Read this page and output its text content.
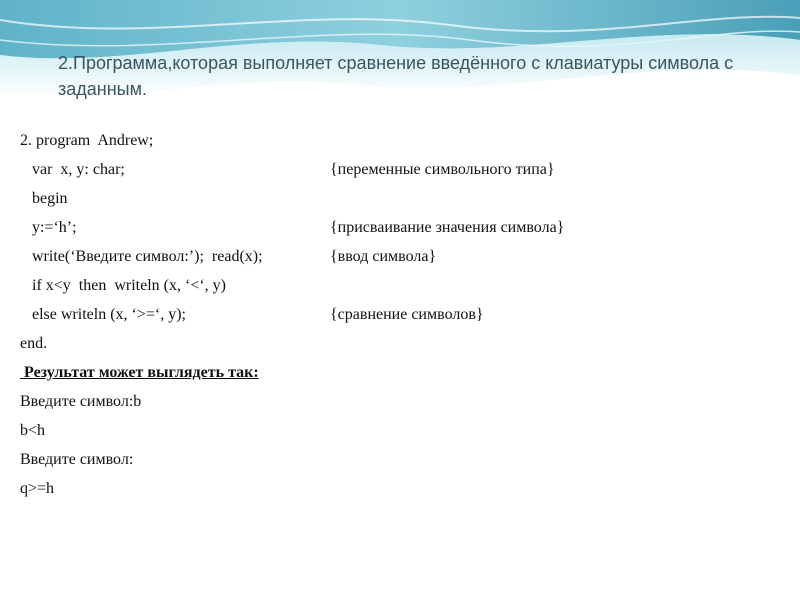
2.Программа,которая выполняет сравнение введённого с клавиатуры символа с заданным.
2. program  Andrew;
var  x, y: char;	{переменные символьного типа}
begin
y:=‘h’;	{присваивание значения символа}
write(‘Введите символ:’);  read(x);	{ввод символа}
if x<y  then  writeln (x, ‘<‘, y)
else writeln (x, ‘>=‘, y);	{сравнение символов}
end.
Результат может выглядеть так:
Введите символ:b
b<h
Введите символ:
q>=h
